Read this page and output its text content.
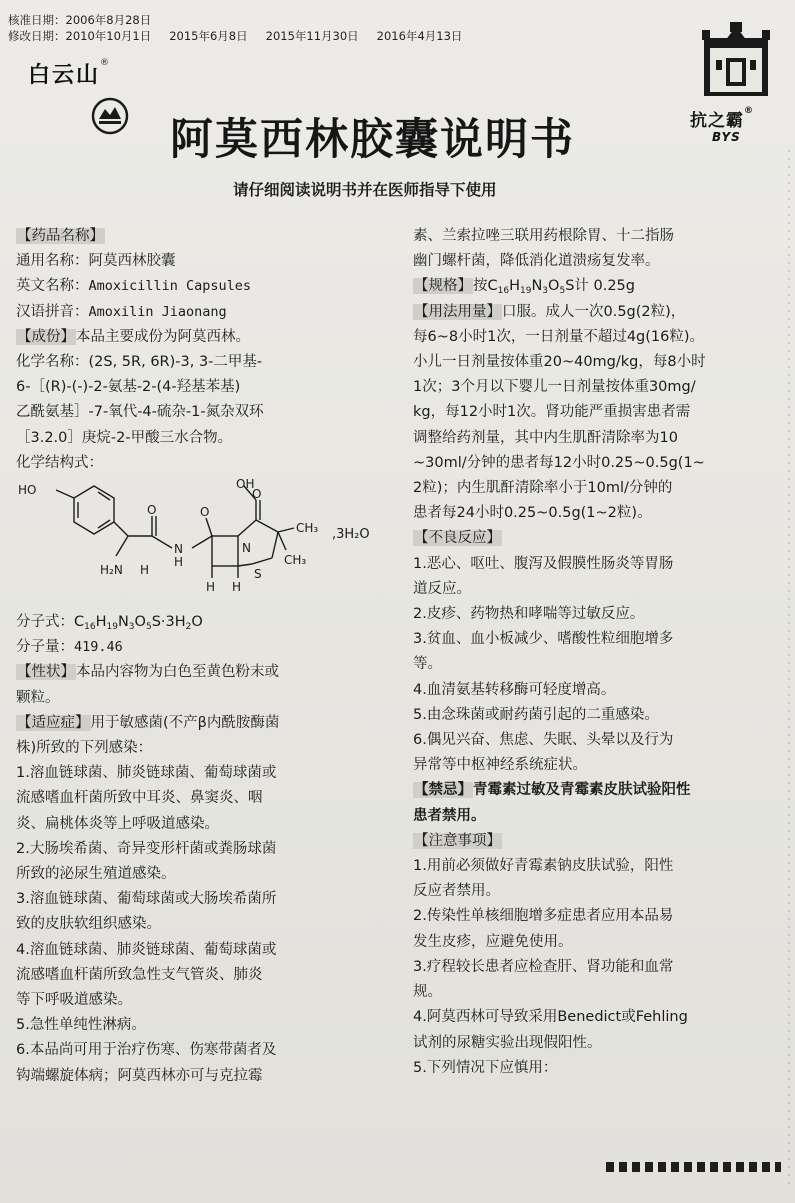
核准日期：2006年8月28日
修改日期：2010年10月1日 2015年6月8日 2015年11月30日 2016年4月13日
白云山®
阿莫西林胶囊说明书
请仔细阅读说明书并在医师指导下使用
抗之霸®
BYS
【药品名称】
通用名称：阿莫西林胶囊
英文名称：Amoxicillin Capsules
汉语拼音：Amoxilin Jiaonang
【成份】本品主要成份为阿莫西林。
化学名称：(2S, 5R, 6R)-3, 3-二甲基-
6-［(R)-(-)-2-氨基-2-(4-羟基苯基)
乙酰氨基］-7-氧代-4-硫杂-1-氮杂双环
［3.2.0］庚烷-2-甲酸三水合物。
化学结构式：
HO	OH
O	O
O
N
H
N
H H
H₂N H	S
CH₃
CH₃
,3H₂O
分子式：$C_{16}H_{19}N_3O_5S\cdot 3H_2O$
分子量：419.46
【性状】本品内容物为白色至黄色粉末或
颗粒。
【适应症】用于敏感菌(不产β内酰胺酶菌
株)所致的下列感染：
1.溶血链球菌、肺炎链球菌、葡萄球菌或
流感嗜血杆菌所致中耳炎、鼻窦炎、咽
炎、扁桃体炎等上呼吸道感染。
2.大肠埃希菌、奇异变形杆菌或粪肠球菌
所致的泌尿生殖道感染。
3.溶血链球菌、葡萄球菌或大肠埃希菌所
致的皮肤软组织感染。
4.溶血链球菌、肺炎链球菌、葡萄球菌或
流感嗜血杆菌所致急性支气管炎、肺炎
等下呼吸道感染。
5.急性单纯性淋病。
6.本品尚可用于治疗伤寒、伤寒带菌者及
钩端螺旋体病；阿莫西林亦可与克拉霉
素、兰索拉唑三联用药根除胃、十二指肠
幽门螺杆菌，降低消化道溃疡复发率。
【规格】按$C_{16}H_{19}N_3O_5S$计 0.25g
【用法用量】口服。成人一次0.5g(2粒)，
每6~8小时1次，一日剂量不超过4g(16粒)。
小儿一日剂量按体重20~40mg/kg，每8小时
1次；3个月以下婴儿一日剂量按体重30mg/
kg，每12小时1次。肾功能严重损害患者需
调整给药剂量，其中内生肌酐清除率为10
~30ml/分钟的患者每12小时0.25~0.5g(1~
2粒)；内生肌酐清除率小于10ml/分钟的
患者每24小时0.25~0.5g(1~2粒)。
【不良反应】
1.恶心、呕吐、腹泻及假膜性肠炎等胃肠
道反应。
2.皮疹、药物热和哮喘等过敏反应。
3.贫血、血小板减少、嗜酸性粒细胞增多
等。
4.血清氨基转移酶可轻度增高。
5.由念珠菌或耐药菌引起的二重感染。
6.偶见兴奋、焦虑、失眠、头晕以及行为
异常等中枢神经系统症状。
【禁忌】青霉素过敏及青霉素皮肤试验阳性
患者禁用。
【注意事项】
1.用前必须做好青霉素钠皮肤试验，阳性
反应者禁用。
2.传染性单核细胞增多症患者应用本品易
发生皮疹，应避免使用。
3.疗程较长患者应检查肝、肾功能和血常
规。
4.阿莫西林可导致采用Benedict或Fehling
试剂的尿糖实验出现假阳性。
5.下列情况下应慎用：
